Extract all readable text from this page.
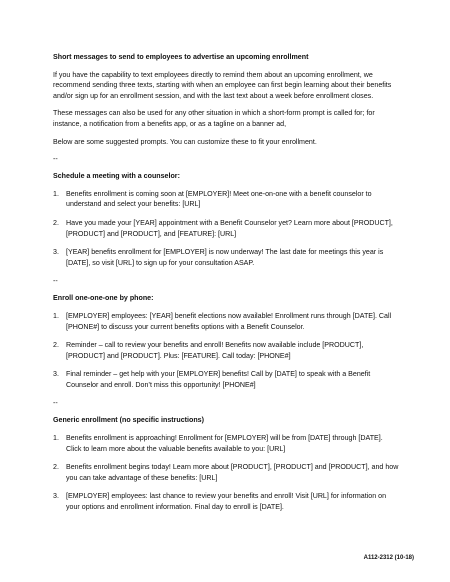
Short messages to send to employees to advertise an upcoming enrollment

If you have the capability to text employees directly to remind them about an upcoming enrollment, we recommend sending three texts, starting with when an employee can first begin learning about their benefits and/or sign up for an enrollment session, and with the last text about a week before enrollment closes.

These messages can also be used for any other situation in which a short-form prompt is called for; for instance, a notification from a benefits app, or as a tagline on a banner ad,

Below are some suggested prompts. You can customize these to fit your enrollment.

--
Schedule a meeting with a counselor:
1. Benefits enrollment is coming soon at [EMPLOYER]! Meet one-on-one with a benefit counselor to understand and select your benefits: [URL]
2. Have you made your [YEAR] appointment with a Benefit Counselor yet? Learn more about [PRODUCT], [PRODUCT] and [PRODUCT], and [FEATURE]: [URL]
3. [YEAR] benefits enrollment for [EMPLOYER] is now underway! The last date for meetings this year is [DATE], so visit [URL] to sign up for your consultation ASAP.
--
Enroll one-one-one by phone:
1. [EMPLOYER] employees: [YEAR] benefit elections now available! Enrollment runs through [DATE]. Call [PHONE#] to discuss your current benefits options with a Benefit Counselor.
2. Reminder – call to review your benefits and enroll! Benefits now available include [PRODUCT], [PRODUCT] and [PRODUCT]. Plus: [FEATURE]. Call today: [PHONE#]
3. Final reminder – get help with your [EMPLOYER] benefits! Call by [DATE] to speak with a Benefit Counselor and enroll. Don’t miss this opportunity! [PHONE#]
--
Generic enrollment (no specific instructions)
1. Benefits enrollment is approaching! Enrollment for [EMPLOYER] will be from [DATE] through [DATE]. Click to learn more about the valuable benefits available to you: [URL]
2. Benefits enrollment begins today! Learn more about [PRODUCT], [PRODUCT] and [PRODUCT], and how you can take advantage of these benefits: [URL]
3. [EMPLOYER] employees: last chance to review your benefits and enroll! Visit [URL] for information on your options and enrollment information. Final day to enroll is [DATE].
A112-2312 (10-18)
